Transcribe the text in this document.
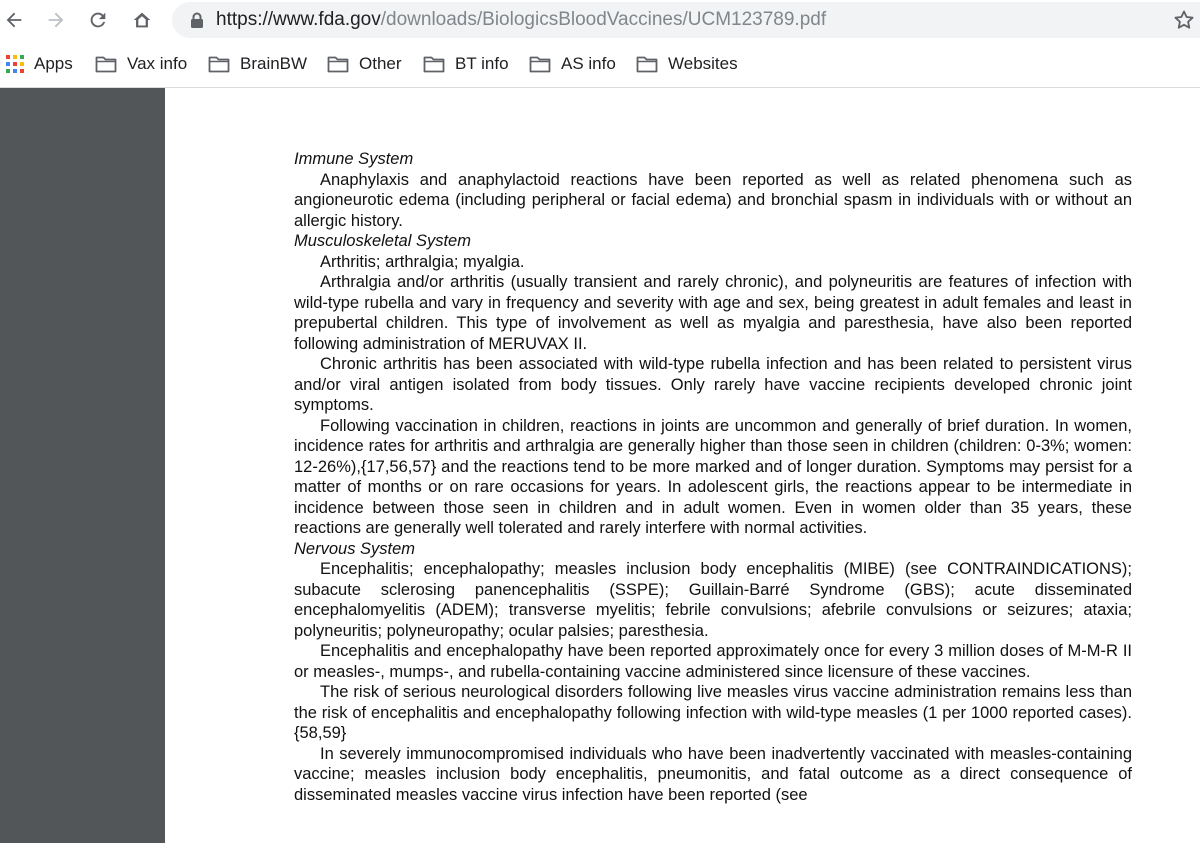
https://www.fda.gov/downloads/BiologicsBloodVaccines/UCM123789.pdf
Apps	Vax info	BrainBW	Other	BT info	AS info	Websites

Immune System

Anaphylaxis and anaphylactoid reactions have been reported as well as related phenomena such as angioneurotic edema (including peripheral or facial edema) and bronchial spasm in individuals with or without an allergic history.

Musculoskeletal System

Arthritis; arthralgia; myalgia.

Arthralgia and/or arthritis (usually transient and rarely chronic), and polyneuritis are features of infection with wild-type rubella and vary in frequency and severity with age and sex, being greatest in adult females and least in prepubertal children. This type of involvement as well as myalgia and paresthesia, have also been reported following administration of MERUVAX II.

Chronic arthritis has been associated with wild-type rubella infection and has been related to persistent virus and/or viral antigen isolated from body tissues. Only rarely have vaccine recipients developed chronic joint symptoms.

Following vaccination in children, reactions in joints are uncommon and generally of brief duration. In women, incidence rates for arthritis and arthralgia are generally higher than those seen in children (children: 0-3%; women: 12-26%),{17,56,57} and the reactions tend to be more marked and of longer duration. Symptoms may persist for a matter of months or on rare occasions for years. In adolescent girls, the reactions appear to be intermediate in incidence between those seen in children and in adult women. Even in women older than 35 years, these reactions are generally well tolerated and rarely interfere with normal activities.

Nervous System

Encephalitis; encephalopathy; measles inclusion body encephalitis (MIBE) (see CONTRAINDICATIONS); subacute sclerosing panencephalitis (SSPE); Guillain-Barré Syndrome (GBS); acute disseminated encephalomyelitis (ADEM); transverse myelitis; febrile convulsions; afebrile convulsions or seizures; ataxia; polyneuritis; polyneuropathy; ocular palsies; paresthesia.

Encephalitis and encephalopathy have been reported approximately once for every 3 million doses of M-M-R II or measles-, mumps-, and rubella-containing vaccine administered since licensure of these vaccines.

The risk of serious neurological disorders following live measles virus vaccine administration remains less than the risk of encephalitis and encephalopathy following infection with wild-type measles (1 per 1000 reported cases).{58,59}

In severely immunocompromised individuals who have been inadvertently vaccinated with measles-containing vaccine; measles inclusion body encephalitis, pneumonitis, and fatal outcome as a direct consequence of disseminated measles vaccine virus infection have been reported (see
